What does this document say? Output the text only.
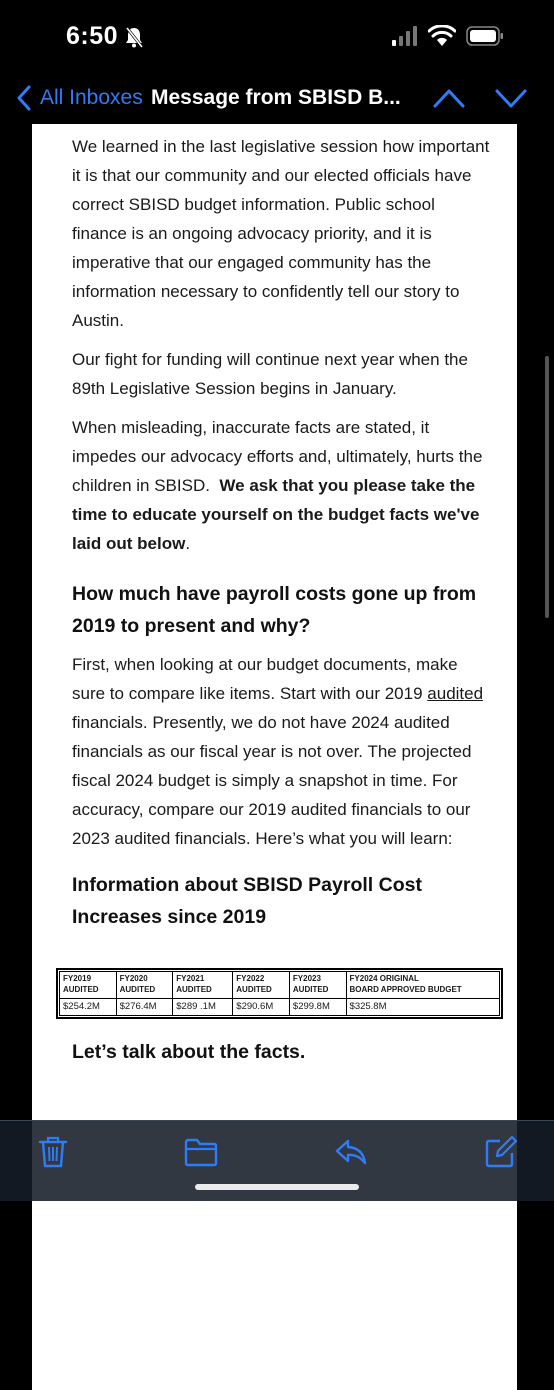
6:50
All Inboxes Message from SBISD B...

We learned in the last legislative session how important it is that our community and our elected officials have correct SBISD budget information. Public school finance is an ongoing advocacy priority, and it is imperative that our engaged community has the information necessary to confidently tell our story to Austin.

Our fight for funding will continue next year when the 89th Legislative Session begins in January.

When misleading, inaccurate facts are stated, it impedes our advocacy efforts and, ultimately, hurts the children in SBISD. We ask that you please take the time to educate yourself on the budget facts we've laid out below.

How much have payroll costs gone up from 2019 to present and why?

First, when looking at our budget documents, make sure to compare like items. Start with our 2019 audited financials. Presently, we do not have 2024 audited financials as our fiscal year is not over. The projected fiscal 2024 budget is simply a snapshot in time. For accuracy, compare our 2019 audited financials to our 2023 audited financials. Here’s what you will learn:

Information about SBISD Payroll Cost Increases since 2019

FY2019
AUDITED	FY2020
AUDITED	FY2021
AUDITED	FY2022
AUDITED	FY2023
AUDITED	FY2024 ORIGINAL
BOARD APPROVED BUDGET
$254.2M	$276.4M	$289 .1M	$290.6M	$299.8M	$325.8M

Let’s talk about the facts.
